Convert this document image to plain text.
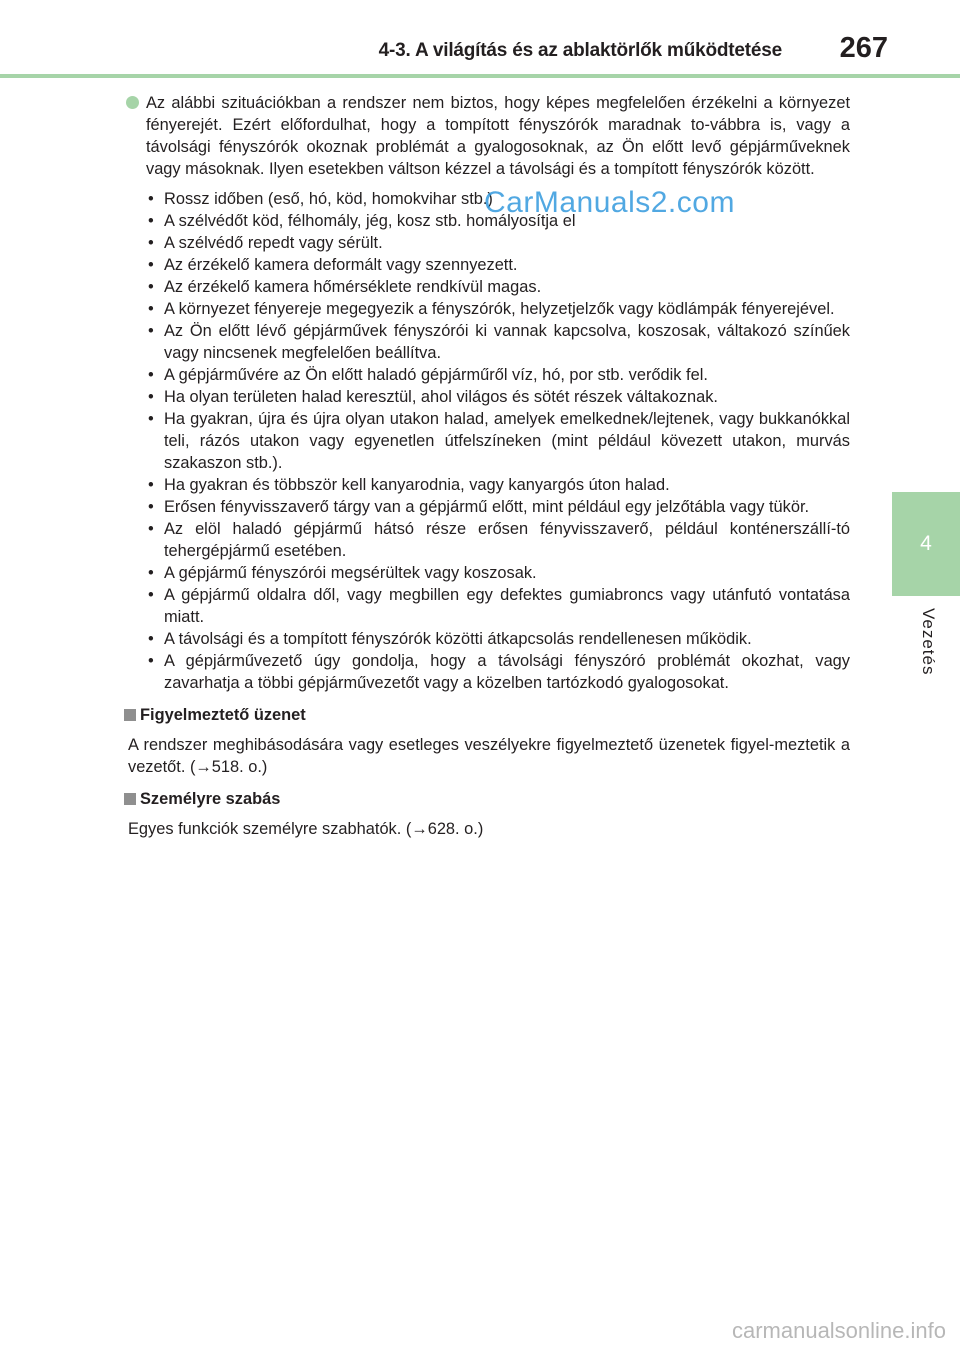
4-3. A világítás és az ablaktörlők működtetése 267
4
Vezetés

Az alábbi szituációkban a rendszer nem biztos, hogy képes megfelelően érzékelni a környezet fényerejét. Ezért előfordulhat, hogy a tompított fényszórók maradnak to-vábbra is, vagy a távolsági fényszórók okoznak problémát a gyalogosoknak, az Ön előtt levő gépjárműveknek vagy másoknak. Ilyen esetekben váltson kézzel a távolsági és a tompított fényszórók között.

• Rossz időben (eső, hó, köd, homokvihar stb.)
• A szélvédőt köd, félhomály, jég, kosz stb. homályosítja el
• A szélvédő repedt vagy sérült.
• Az érzékelő kamera deformált vagy szennyezett.
• Az érzékelő kamera hőmérséklete rendkívül magas.
• A környezet fényereje megegyezik a fényszórók, helyzetjelzők vagy ködlámpák fényerejével.
• Az Ön előtt lévő gépjárművek fényszórói ki vannak kapcsolva, koszosak, váltakozó színűek vagy nincsenek megfelelően beállítva.
• A gépjárművére az Ön előtt haladó gépjárműről víz, hó, por stb. verődik fel.
• Ha olyan területen halad keresztül, ahol világos és sötét részek váltakoznak.
• Ha gyakran, újra és újra olyan utakon halad, amelyek emelkednek/lejtenek, vagy bukkanókkal teli, rázós utakon vagy egyenetlen útfelszíneken (mint például kövezett utakon, murvás szakaszon stb.).
• Ha gyakran és többször kell kanyarodnia, vagy kanyargós úton halad.
• Erősen fényvisszaverő tárgy van a gépjármű előtt, mint például egy jelzőtábla vagy tükör.
• Az elöl haladó gépjármű hátsó része erősen fényvisszaverő, például konténerszállí-tó tehergépjármű esetében.
• A gépjármű fényszórói megsérültek vagy koszosak.
• A gépjármű oldalra dől, vagy megbillen egy defektes gumiabroncs vagy utánfutó vontatása miatt.
• A távolsági és a tompított fényszórók közötti átkapcsolás rendellenesen működik.
• A gépjárművezető úgy gondolja, hogy a távolsági fényszóró problémát okozhat, vagy zavarhatja a többi gépjárművezetőt vagy a közelben tartózkodó gyalogosokat.

Figyelmeztető üzenet

A rendszer meghibásodására vagy esetleges veszélyekre figyelmeztető üzenetek figyel-meztetik a vezetőt. (→518. o.)

Személyre szabás

Egyes funkciók személyre szabhatók. (→628. o.)

CarManuals2.com
carmanualsonline.info
